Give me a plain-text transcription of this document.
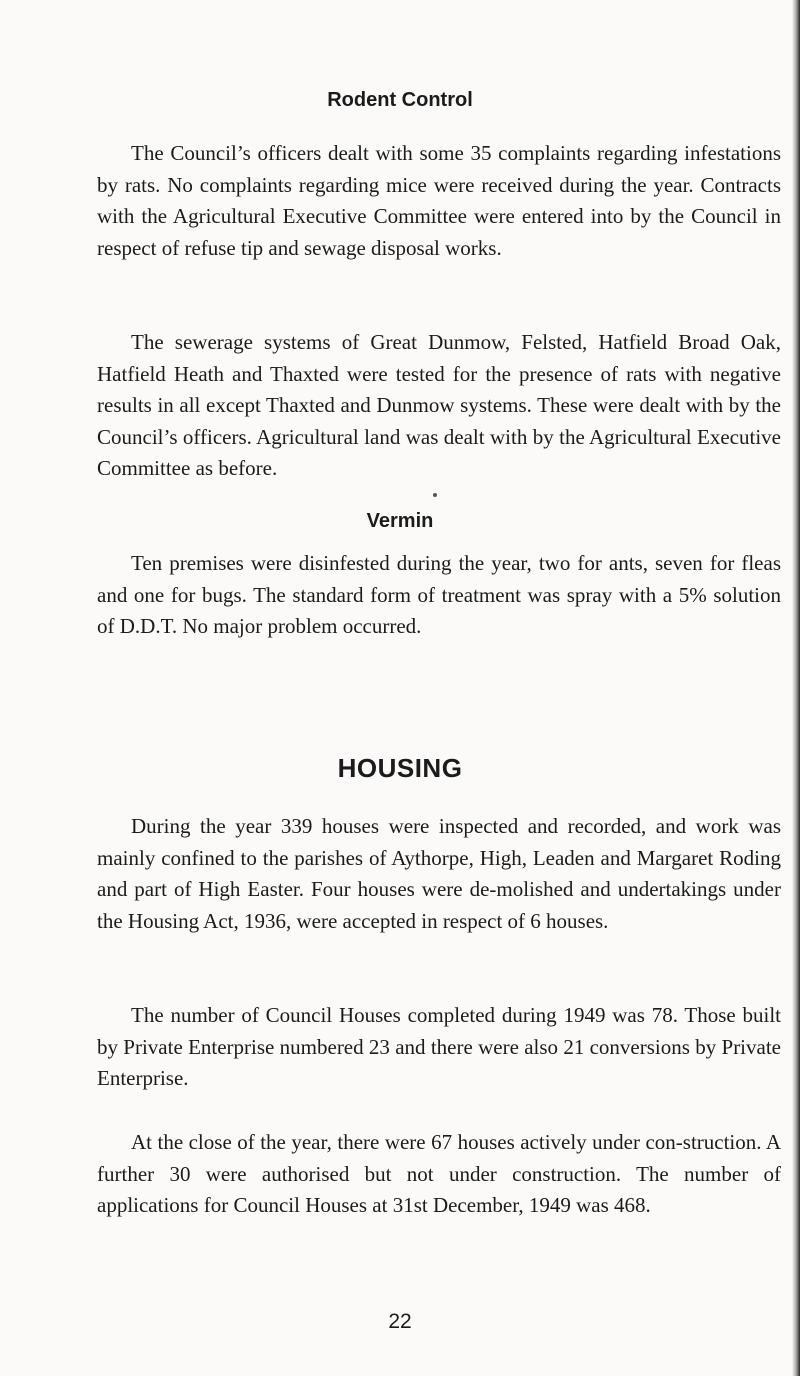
Rodent Control

The Council’s officers dealt with some 35 complaints regarding infestations by rats. No complaints regarding mice were received during the year. Contracts with the Agricultural Executive Committee were entered into by the Council in respect of refuse tip and sewage disposal works.

The sewerage systems of Great Dunmow, Felsted, Hatfield Broad Oak, Hatfield Heath and Thaxted were tested for the presence of rats with negative results in all except Thaxted and Dunmow systems. These were dealt with by the Council’s officers. Agricultural land was dealt with by the Agricultural Executive Committee as before.

Vermin

Ten premises were disinfested during the year, two for ants, seven for fleas and one for bugs. The standard form of treatment was spray with a 5% solution of D.D.T. No major problem occurred.

HOUSING

During the year 339 houses were inspected and recorded, and work was mainly confined to the parishes of Aythorpe, High, Leaden and Margaret Roding and part of High Easter. Four houses were de-molished and undertakings under the Housing Act, 1936, were accepted in respect of 6 houses.

The number of Council Houses completed during 1949 was 78. Those built by Private Enterprise numbered 23 and there were also 21 conversions by Private Enterprise.

At the close of the year, there were 67 houses actively under con-struction. A further 30 were authorised but not under construction. The number of applications for Council Houses at 31st December, 1949 was 468.

22
